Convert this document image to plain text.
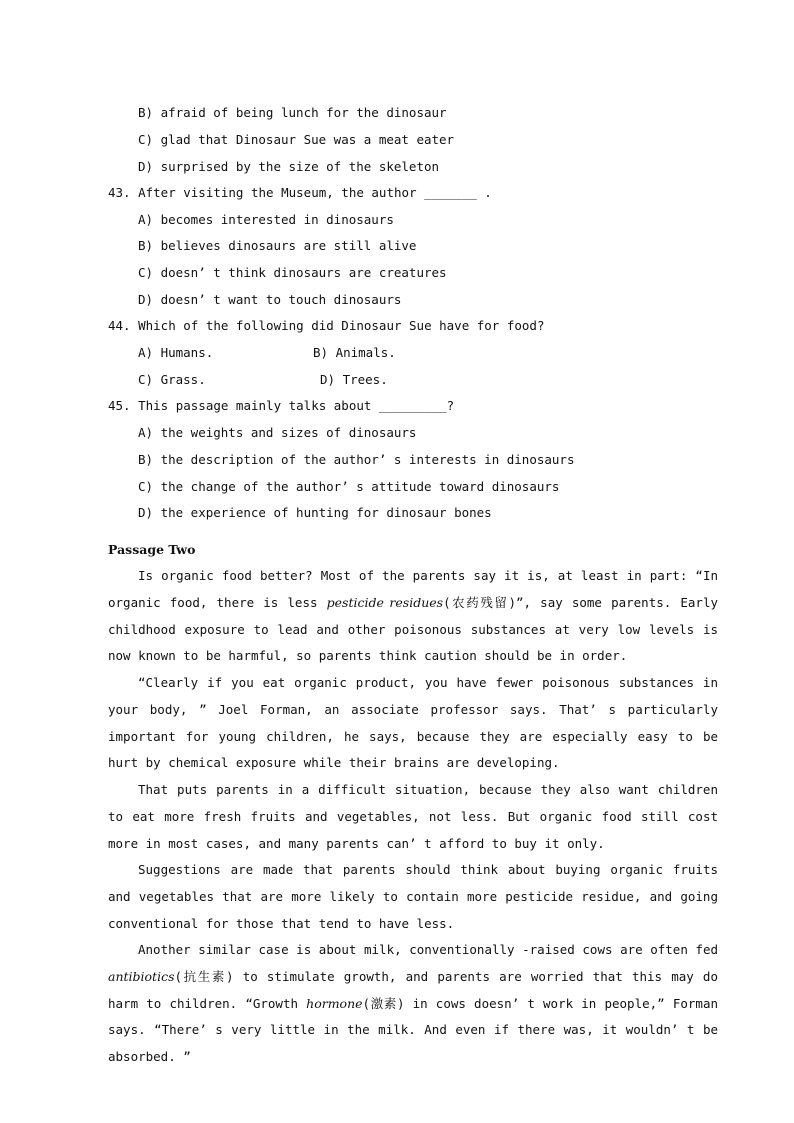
B) afraid of being lunch for the dinosaur
C) glad that Dinosaur Sue was a meat eater
D) surprised by the size of the skeleton
43. After visiting the Museum, the author _______ .
A) becomes interested in dinosaurs
B) believes dinosaurs are still alive
C) doesn’ t think dinosaurs are creatures
D) doesn’ t want to touch dinosaurs
44. Which of the following did Dinosaur Sue have for food?
A) Humans.	B) Animals.
C) Grass.	D) Trees.
45. This passage mainly talks about _________?
A) the weights and sizes of dinosaurs
B) the description of the author’ s interests in dinosaurs
C) the change of the author’ s attitude toward dinosaurs
D) the experience of hunting for dinosaur bones
Passage Two

Is organic food better? Most of the parents say it is, at least in part: “In organic food, there is less pesticide residues(农药残留)”, say some parents. Early childhood exposure to lead and other poisonous substances at very low levels is now known to be harmful, so parents think caution should be in order.

“Clearly if you eat organic product, you have fewer poisonous substances in your body, ” Joel Forman, an associate professor says. That’ s particularly important for young children, he says, because they are especially easy to be hurt by chemical exposure while their brains are developing.

That puts parents in a difficult situation, because they also want children to eat more fresh fruits and vegetables, not less. But organic food still cost more in most cases, and many parents can’ t afford to buy it only.

Suggestions are made that parents should think about buying organic fruits and vegetables that are more likely to contain more pesticide residue, and going conventional for those that tend to have less.

Another similar case is about milk, conventionally -raised cows are often fed antibiotics(抗生素) to stimulate growth, and parents are worried that this may do harm to children. “Growth hormone(激素) in cows doesn’ t work in people,” Forman says. “There’ s very little in the milk. And even if there was, it wouldn’ t be absorbed. ”
